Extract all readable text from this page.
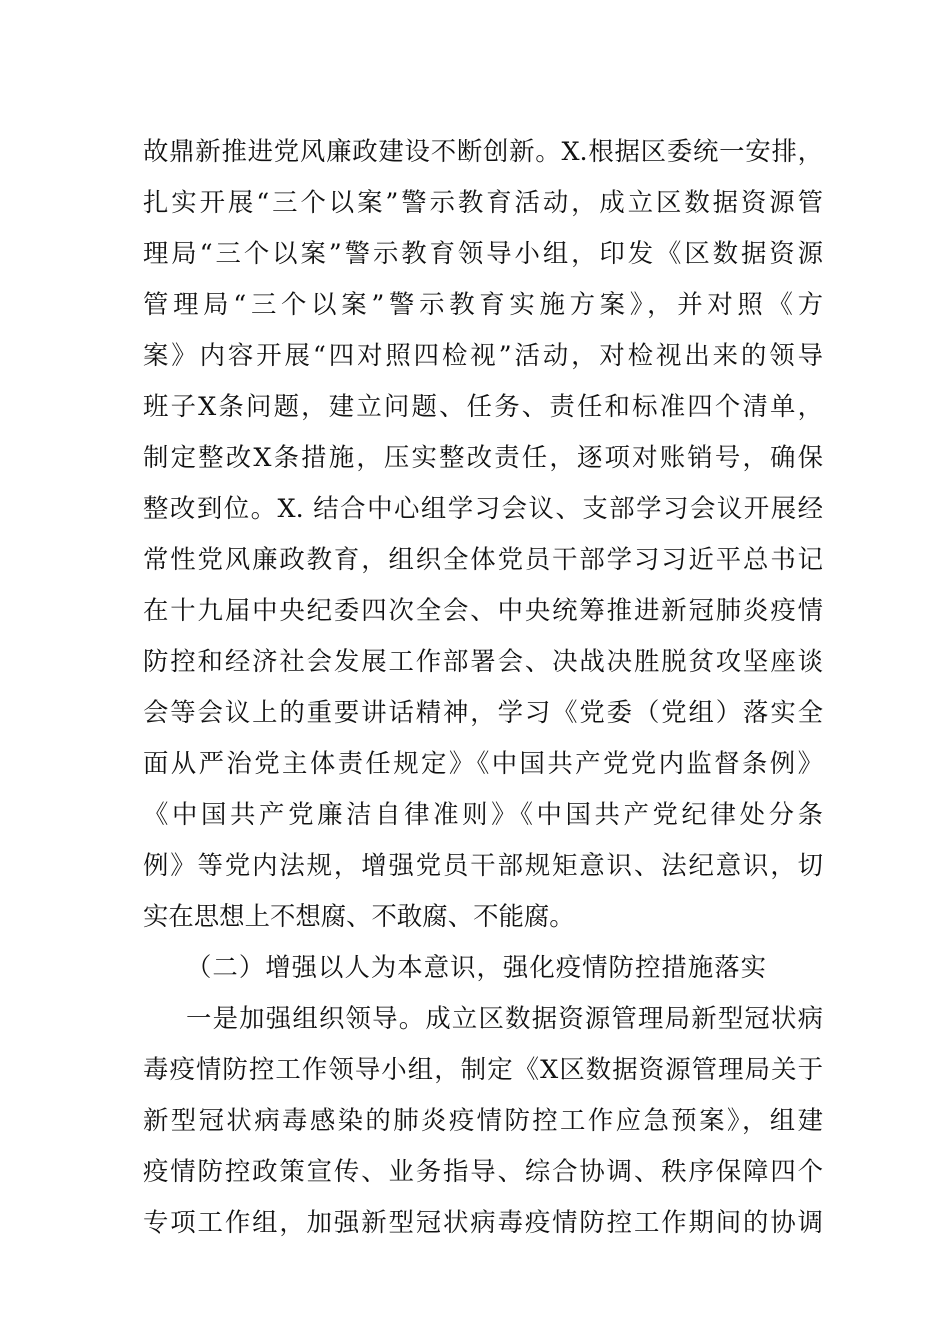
故鼎新推进党风廉政建设不断创新。X.根据区委统一安排，
扎实开展“三个以案”警示教育活动，成立区数据资源管
理局“三个以案”警示教育领导小组，印发《区数据资源
管理局“三个以案”警示教育实施方案》，并对照《方
案》内容开展“四对照四检视”活动，对检视出来的领导
班子X条问题，建立问题、任务、责任和标准四个清单，
制定整改X条措施，压实整改责任，逐项对账销号，确保
整改到位。X. 结合中心组学习会议、支部学习会议开展经
常性党风廉政教育，组织全体党员干部学习习近平总书记
在十九届中央纪委四次全会、中央统筹推进新冠肺炎疫情
防控和经济社会发展工作部署会、决战决胜脱贫攻坚座谈
会等会议上的重要讲话精神，学习《党委（党组）落实全
面从严治党主体责任规定》《中国共产党党内监督条例》
《中国共产党廉洁自律准则》《中国共产党纪律处分条
例》等党内法规，增强党员干部规矩意识、法纪意识，切
实在思想上不想腐、不敢腐、不能腐。
（二）增强以人为本意识，强化疫情防控措施落实
一是加强组织领导。成立区数据资源管理局新型冠状病
毒疫情防控工作领导小组，制定《X区数据资源管理局关于
新型冠状病毒感染的肺炎疫情防控工作应急预案》，组建
疫情防控政策宣传、业务指导、综合协调、秩序保障四个
专项工作组，加强新型冠状病毒疫情防控工作期间的协调
